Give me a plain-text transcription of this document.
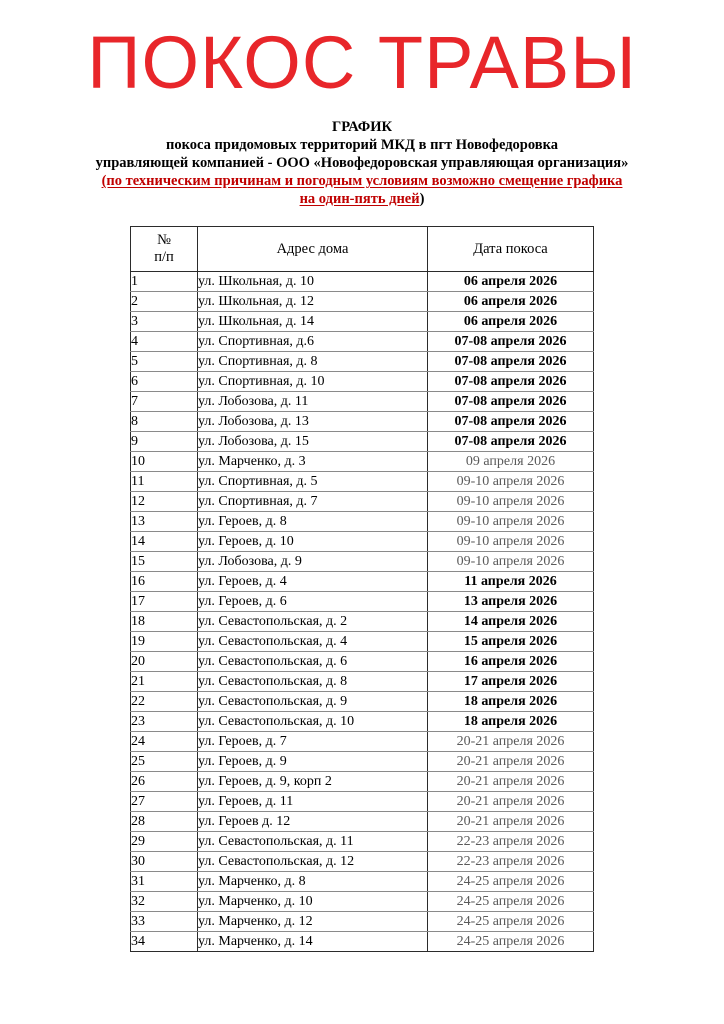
ПОКОС ТРАВЫ
ГРАФИК
покоса придомовых территорий МКД в пгт Новофедоровка
управляющей компанией - ООО «Новофедоровская управляющая организация»
(по техническим причинам и погодным условиям возможно смещение графика
на один-пять дней)
№
п/п	Адрес дома	Дата покоса
1	ул. Школьная, д. 10	06 апреля 2026
2	ул. Школьная, д. 12	06 апреля 2026
3	ул. Школьная, д. 14	06 апреля 2026
4	ул. Спортивная, д.6	07-08 апреля 2026
5	ул. Спортивная, д. 8	07-08 апреля 2026
6	ул. Спортивная, д. 10	07-08 апреля 2026
7	ул. Лобозова, д. 11	07-08 апреля 2026
8	ул. Лобозова, д. 13	07-08 апреля 2026
9	ул. Лобозова, д. 15	07-08 апреля 2026
10	ул. Марченко, д. 3	09 апреля 2026
11	ул. Спортивная, д. 5	09-10 апреля 2026
12	ул. Спортивная, д. 7	09-10 апреля 2026
13	ул. Героев, д. 8	09-10 апреля 2026
14	ул. Героев, д. 10	09-10 апреля 2026
15	ул. Лобозова, д. 9	09-10 апреля 2026
16	ул. Героев, д. 4	11 апреля 2026
17	ул. Героев, д. 6	13 апреля 2026
18	ул. Севастопольская, д. 2	14 апреля 2026
19	ул. Севастопольская, д. 4	15 апреля 2026
20	ул. Севастопольская, д. 6	16 апреля 2026
21	ул. Севастопольская, д. 8	17 апреля 2026
22	ул. Севастопольская, д. 9	18 апреля 2026
23	ул. Севастопольская, д. 10	18 апреля 2026
24	ул. Героев, д. 7	20-21 апреля 2026
25	ул. Героев, д. 9	20-21 апреля 2026
26	ул. Героев, д. 9, корп 2	20-21 апреля 2026
27	ул. Героев, д. 11	20-21 апреля 2026
28	ул. Героев д. 12	20-21 апреля 2026
29	ул. Севастопольская, д. 11	22-23 апреля 2026
30	ул. Севастопольская, д. 12	22-23 апреля 2026
31	ул. Марченко, д. 8	24-25 апреля 2026
32	ул. Марченко, д. 10	24-25 апреля 2026
33	ул. Марченко, д. 12	24-25 апреля 2026
34	ул. Марченко, д. 14	24-25 апреля 2026
